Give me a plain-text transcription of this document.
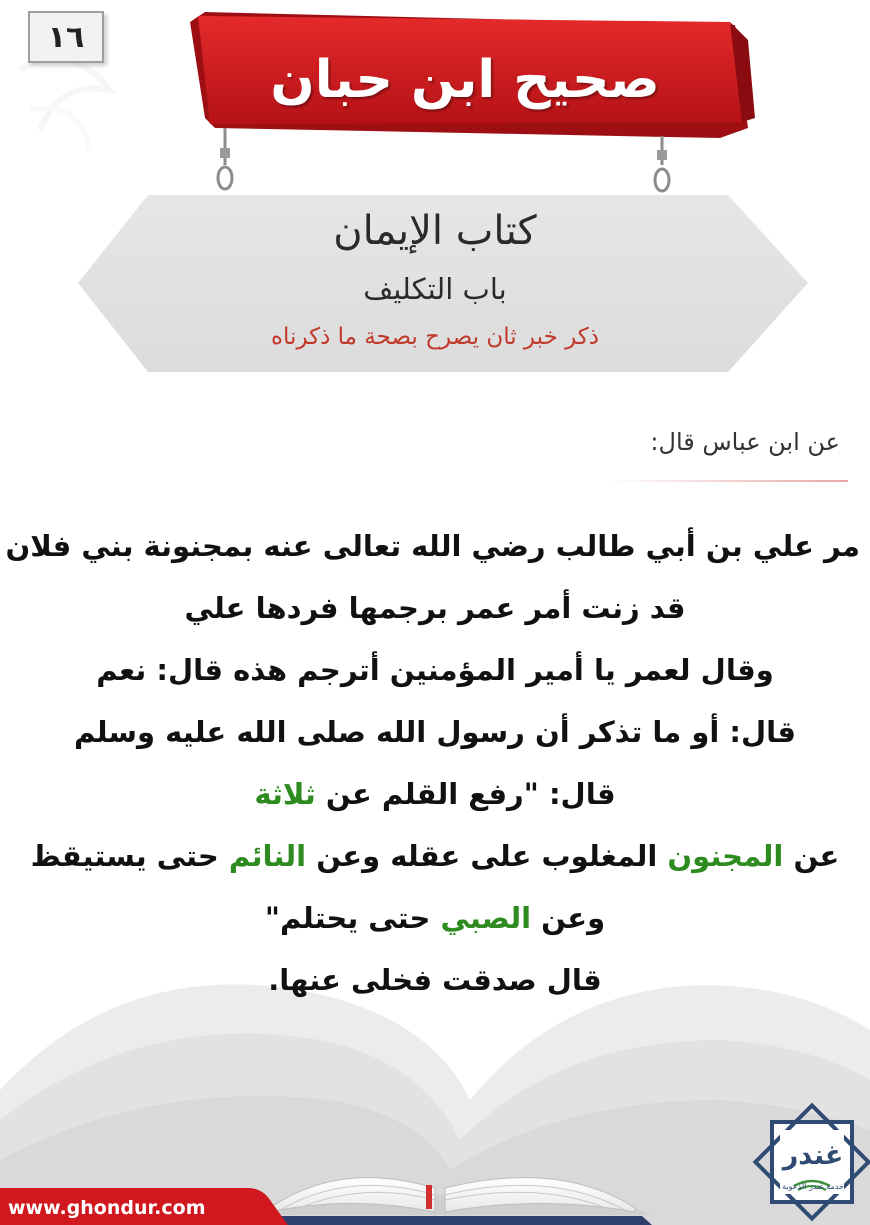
١٦
صحيح ابن حبان
كتاب الإيمان
باب التكليف
ذكر خبر ثان يصرح بصحة ما ذكرناه
عن ابن عباس قال:
مر علي بن أبي طالب رضي الله تعالى عنه بمجنونة بني فلان
قد زنت أمر عمر برجمها فردها علي
وقال لعمر يا أمير المؤمنين أترجم هذه قال: نعم
قال: أو ما تذكر أن رسول الله صلى الله عليه وسلم
قال: "رفع القلم عن ثلاثة
عن المجنون المغلوب على عقله وعن النائم حتى يستيقظ
وعن الصبي حتى يحتلم"
قال صدقت فخلى عنها.
www.ghondur.com
غندر
خدمة غندر الدعوية
